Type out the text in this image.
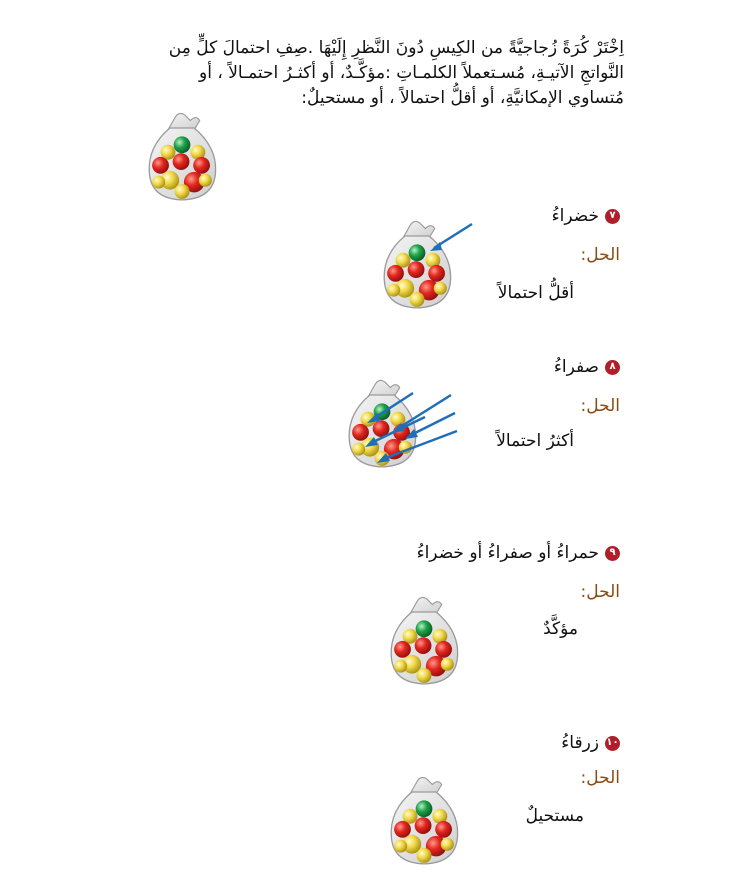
اِخْتَرْ كُرَةً زُجاجيَّةً من الكِيسِ دُونَ النَّظرِ إِلَيْهَا .صِفِ احتمالَ كلٍّ مِن النَّواتجِ الآتيـةِ، مُسـتعملاً الكلمـاتِ :مؤكَّـدٌ، أو أكثـرُ احتمـالاً ، أو مُتساوي الإمكانيَّةِ، أو أقلُّ احتمالاً ، أو مستحيلٌ:
٧
خضراءُ
الحل:
أقلُّ احتمالاً
٨
صفراءُ
الحل:
أكثرُ احتمالاً
٩
حمراءُ أو صفراءُ أو خضراءُ
الحل:
مؤكَّدٌ
١٠
زرقاءُ
الحل:
مستحيلٌ
